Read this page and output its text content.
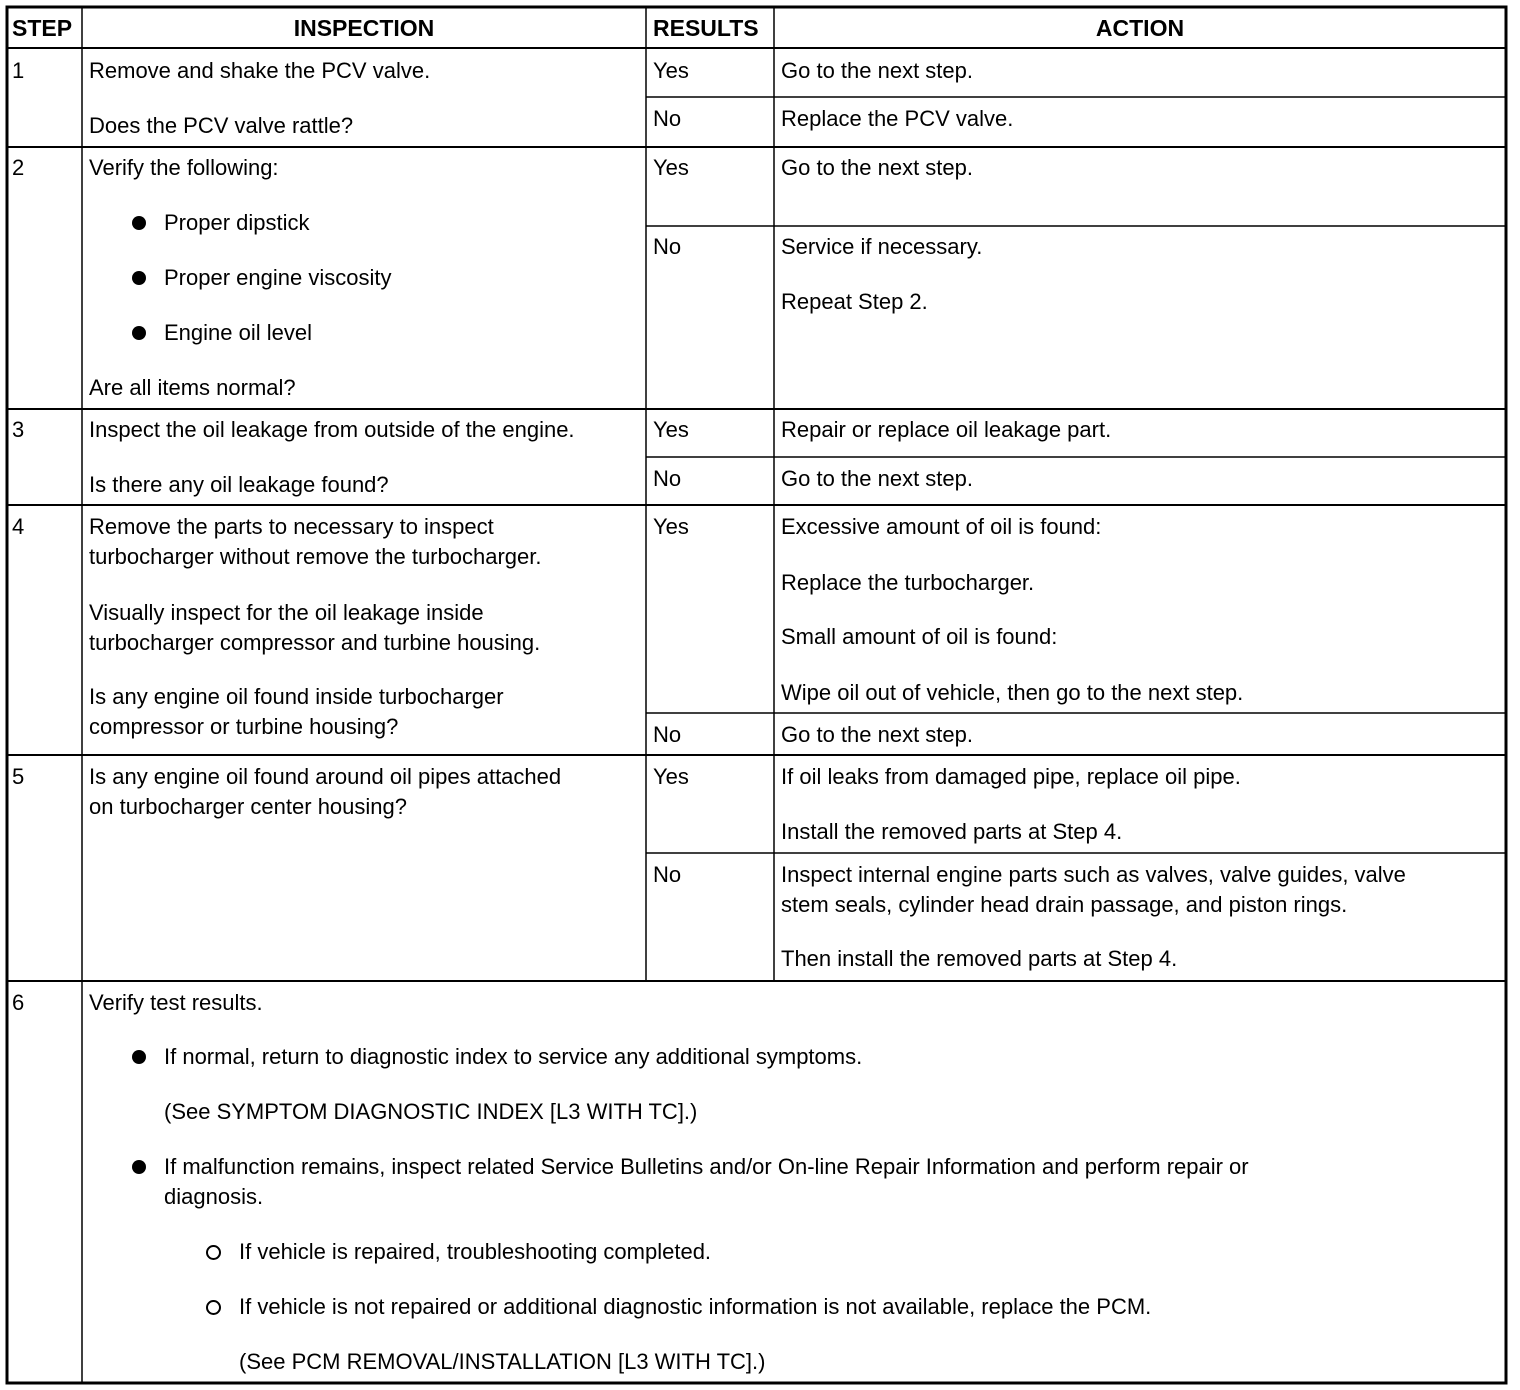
STEP	INSPECTION	RESULTS	ACTION
1	Remove and shake the PCV valve.
Does the PCV valve rattle?
Yes	Go to the next step.
No	Replace the PCV valve.
2	Verify the following:
Proper dipstick
Proper engine viscosity
Engine oil level
Are all items normal?
Yes	Go to the next step.
No	Service if necessary.
Repeat Step 2.
3	Inspect the oil leakage from outside of the engine.
Is there any oil leakage found?
Yes	Repair or replace oil leakage part.
No	Go to the next step.
4	Remove the parts to necessary to inspect
turbocharger without remove the turbocharger.
Visually inspect for the oil leakage inside
turbocharger compressor and turbine housing.
Is any engine oil found inside turbocharger
compressor or turbine housing?
Yes	Excessive amount of oil is found:
Replace the turbocharger.
Small amount of oil is found:
Wipe oil out of vehicle, then go to the next step.
No	Go to the next step.
5	Is any engine oil found around oil pipes attached
on turbocharger center housing?
Yes	If oil leaks from damaged pipe, replace oil pipe.
Install the removed parts at Step 4.
No	Inspect internal engine parts such as valves, valve guides, valve
stem seals, cylinder head drain passage, and piston rings.
Then install the removed parts at Step 4.
6	Verify test results.
If normal, return to diagnostic index to service any additional symptoms.
(See SYMPTOM DIAGNOSTIC INDEX [L3 WITH TC].)
If malfunction remains, inspect related Service Bulletins and/or On-line Repair Information and perform repair or
diagnosis.
If vehicle is repaired, troubleshooting completed.
If vehicle is not repaired or additional diagnostic information is not available, replace the PCM.
(See PCM REMOVAL/INSTALLATION [L3 WITH TC].)
